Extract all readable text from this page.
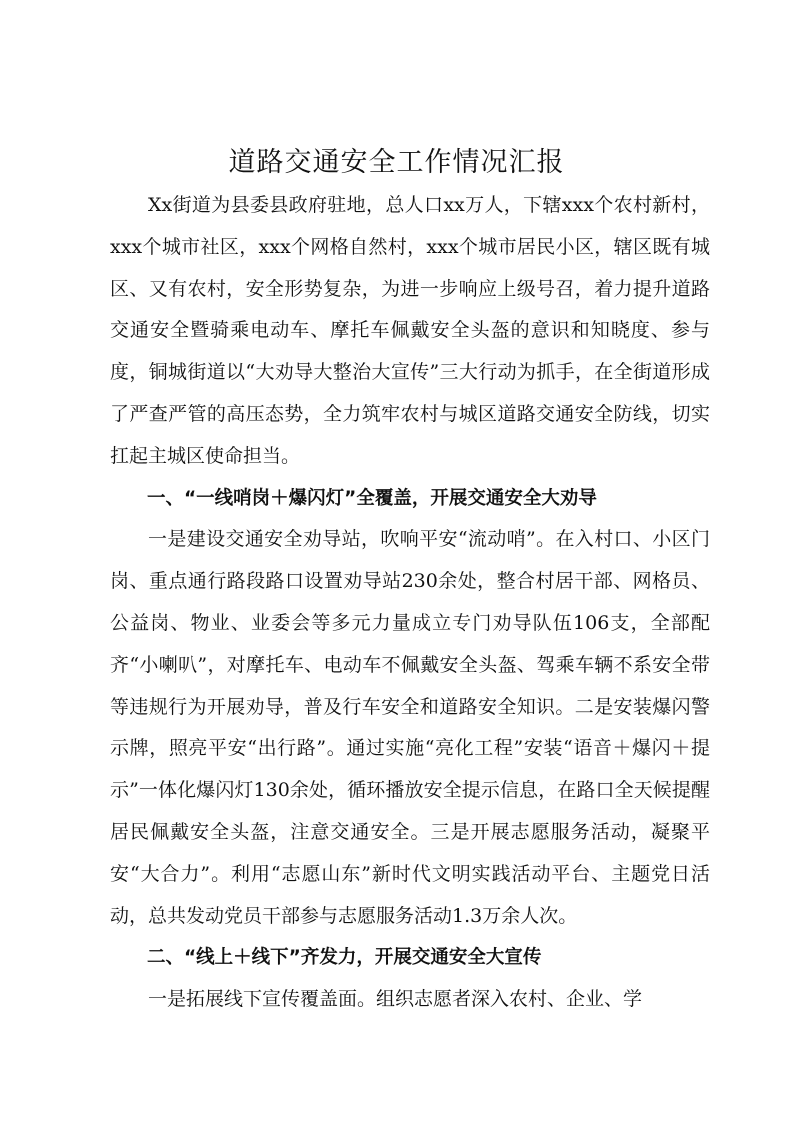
道路交通安全工作情况汇报

Xx街道为县委县政府驻地，总人口xx万人，下辖xxx个农村新村，xxx个城市社区，xxx个网格自然村，xxx个城市居民小区，辖区既有城区、又有农村，安全形势复杂，为进一步响应上级号召，着力提升道路交通安全暨骑乘电动车、摩托车佩戴安全头盔的意识和知晓度、参与度，铜城街道以“大劝导大整治大宣传”三大行动为抓手，在全街道形成了严查严管的高压态势，全力筑牢农村与城区道路交通安全防线，切实扛起主城区使命担当。

一、“一线哨岗＋爆闪灯”全覆盖，开展交通安全大劝导

一是建设交通安全劝导站，吹响平安“流动哨”。在入村口、小区门岗、重点通行路段路口设置劝导站230余处，整合村居干部、网格员、公益岗、物业、业委会等多元力量成立专门劝导队伍106支，全部配齐“小喇叭”，对摩托车、电动车不佩戴安全头盔、驾乘车辆不系安全带等违规行为开展劝导，普及行车安全和道路安全知识。二是安装爆闪警示牌，照亮平安“出行路”。通过实施“亮化工程”安装“语音＋爆闪＋提示”一体化爆闪灯130余处，循环播放安全提示信息，在路口全天候提醒居民佩戴安全头盔，注意交通安全。三是开展志愿服务活动，凝聚平安“大合力”。利用“志愿山东”新时代文明实践活动平台、主题党日活动，总共发动党员干部参与志愿服务活动1.3万余人次。

二、“线上＋线下”齐发力，开展交通安全大宣传

一是拓展线下宣传覆盖面。组织志愿者深入农村、企业、学
